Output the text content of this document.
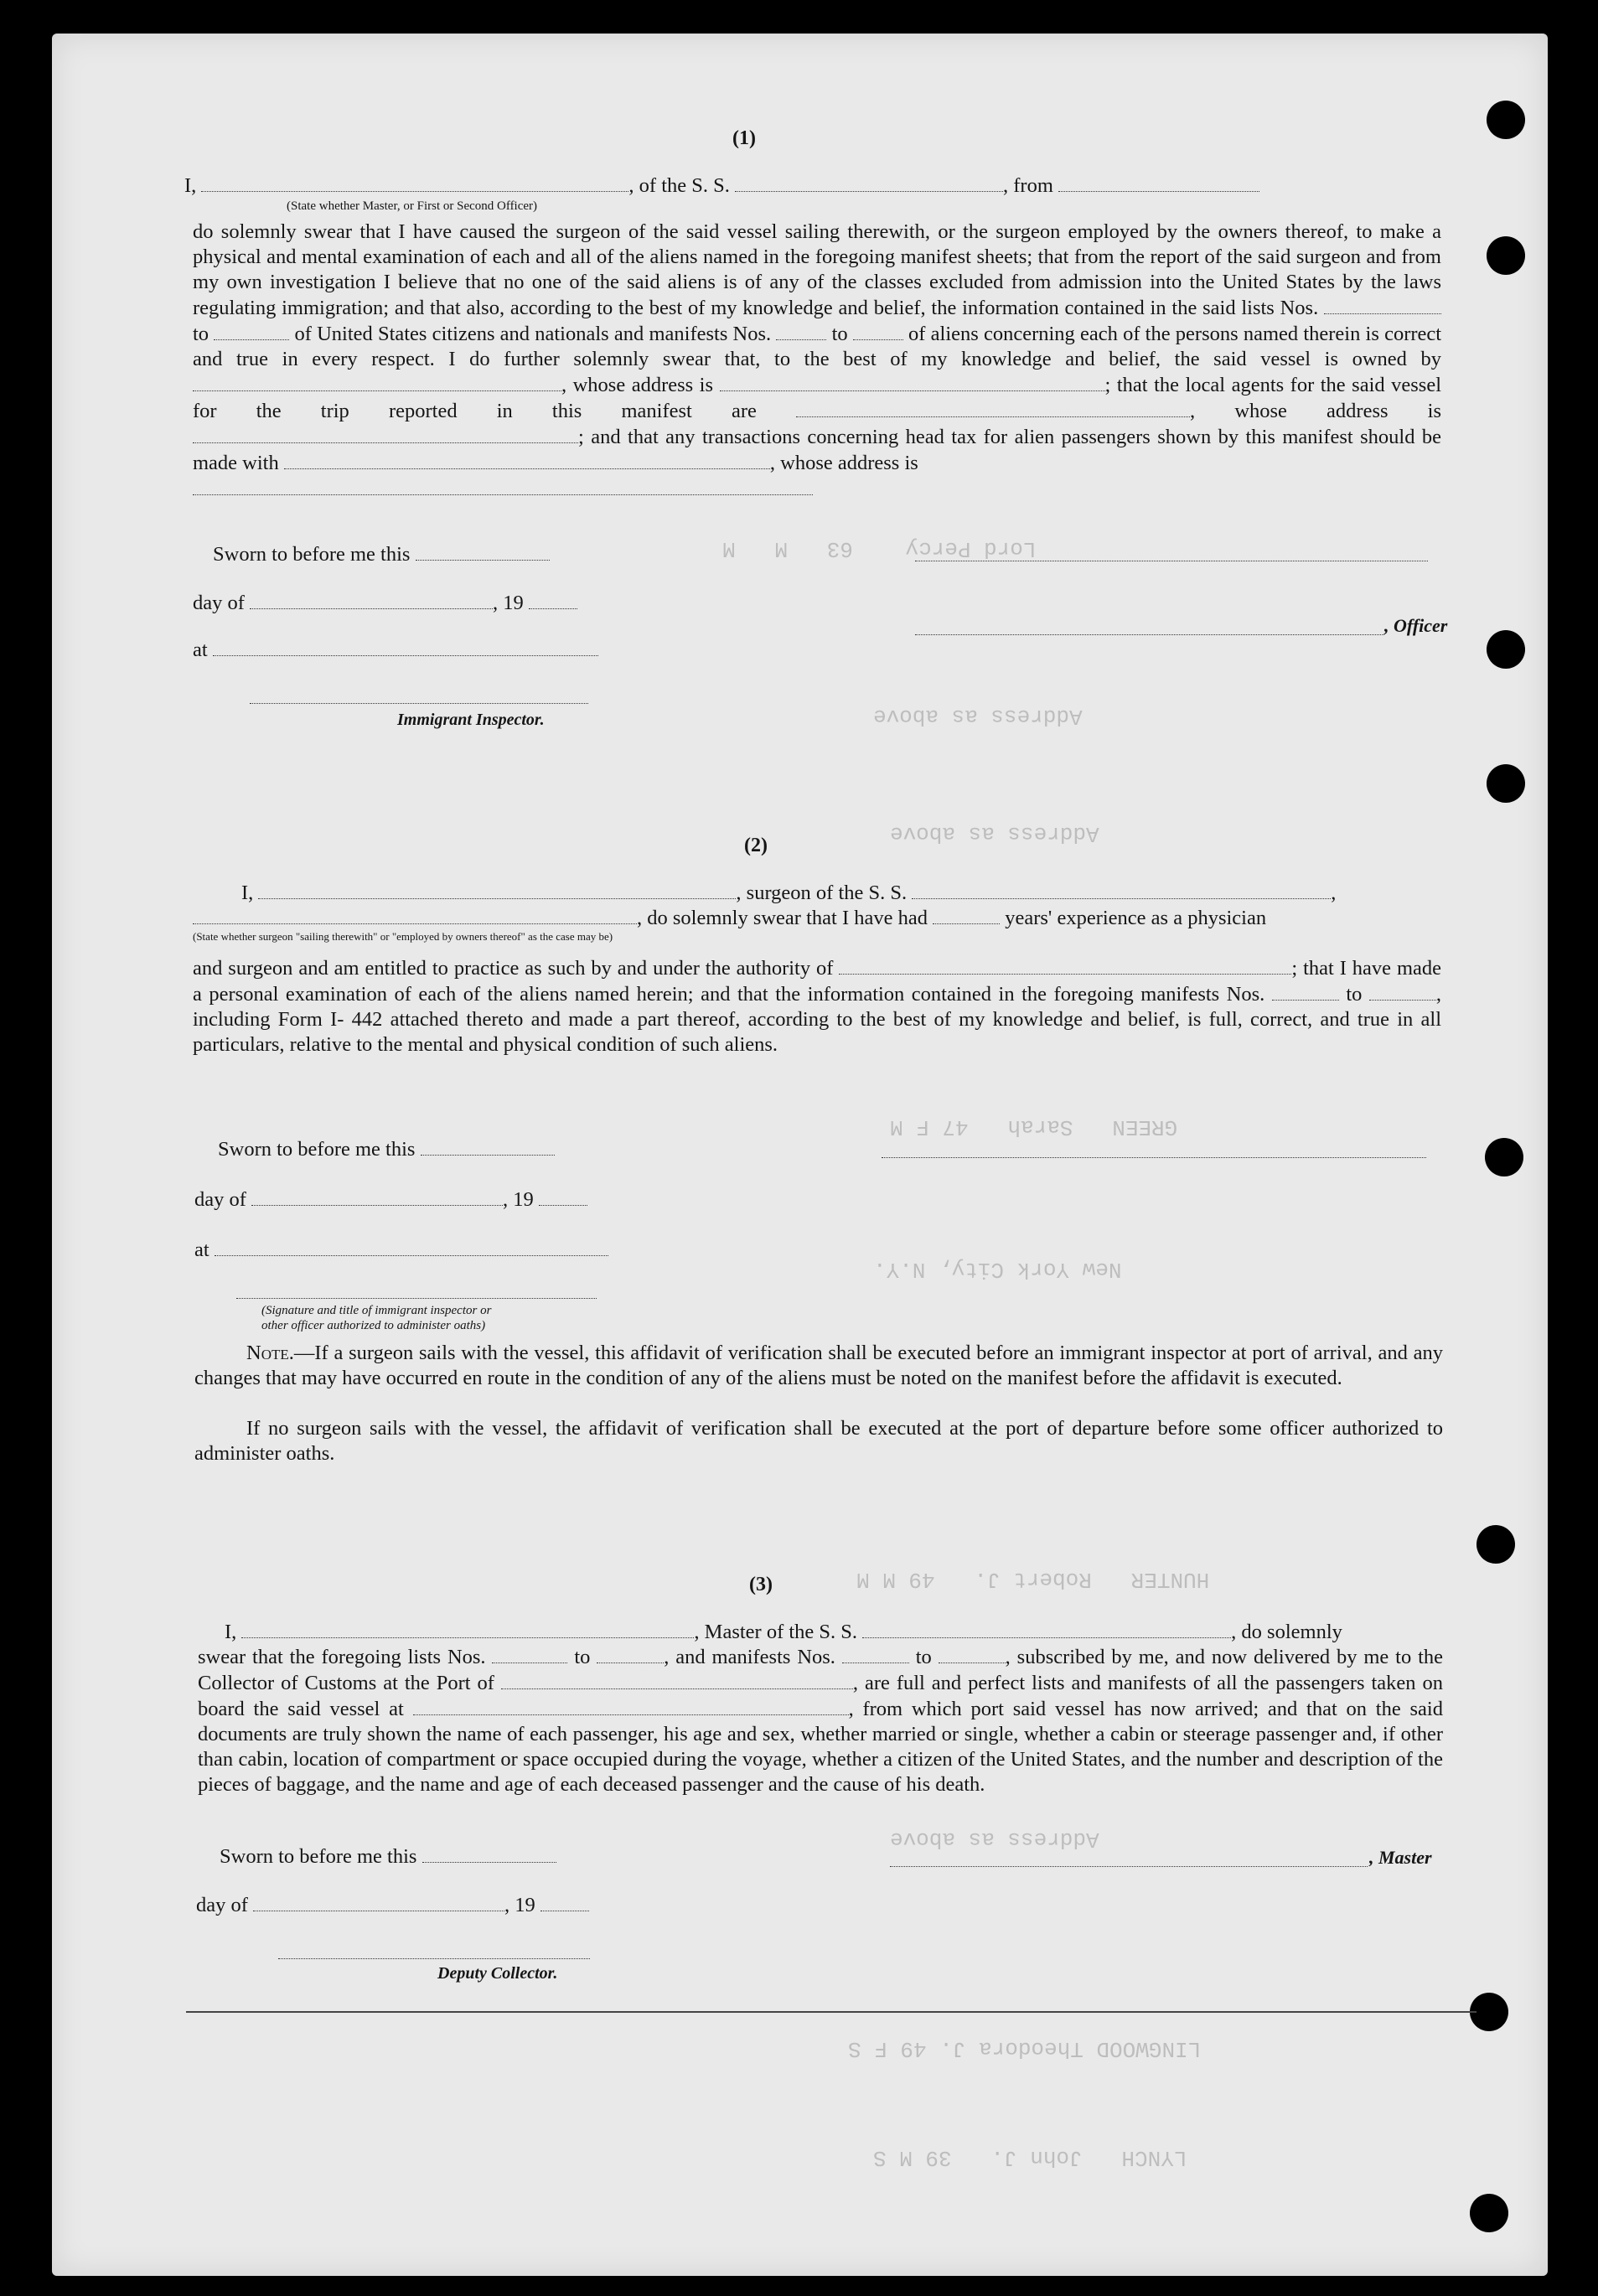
Lord Percy    63   M   M
Address as above
Address as above
GREEN   Sarah   47 F M
New York City, N.Y.
HUNTER   Robert J.   49 M M
Address as above
LINGWOOD Theodora J. 49 F S
LYNCH   John J.   39 M S
(1)
I,	, of the S. S.	, from
(State whether Master, or First or Second Officer)
do solemnly swear that I have caused the surgeon of the said vessel sailing therewith, or the surgeon employed by the owners thereof, to make a physical and mental examination of each and all of the aliens named in the foregoing manifest sheets; that from the report of the said surgeon and from my own investigation I believe that no one of the said aliens is of any of the classes excluded from admission into the United States by the laws regulating immigration; and that also, according to the best of my knowledge and belief, the information contained in the said lists Nos.  to	of United States citizens and nationals and manifests Nos.	to	of aliens concerning each of the persons named therein is correct and true in every respect. I do further solemnly swear that, to the best of my knowledge and belief, the said vessel is owned by , whose address is	; that the local agents for the said vessel for the trip reported in this manifest are	, whose address is ; and that any transactions concerning head tax for alien passengers shown by this manifest should be made with	, whose address is

Sworn to before me this
day of	, 19
, Officer
at
Immigrant Inspector.
(2)
I,	, surgeon of the S. S.	,
, do solemnly swear that I have had	years' experience as a physician
(State whether surgeon "sailing therewith" or "employed by owners thereof" as the case may be)
and surgeon and am entitled to practice as such by and under the authority of	; that I have made a personal examination of each of the aliens named herein; and that the information contained in the foregoing manifests Nos.	to	, including Form I- 442 attached thereto and made a part thereof, according to the best of my knowledge and belief, is full, correct, and true in all particulars, relative to the mental and physical condition of such aliens.
Sworn to before me this
day of	, 19
at
(Signature and title of immigrant inspector or
other officer authorized to administer oaths)
Note.—If a surgeon sails with the vessel, this affidavit of verification shall be executed before an immigrant inspector at port of arrival, and any changes that may have occurred en route in the condition of any of the aliens must be noted on the manifest before the affidavit is executed.
If no surgeon sails with the vessel, the affidavit of verification shall be executed at the port of departure before some officer authorized to administer oaths.
(3)
I,	, Master of the S. S.	, do solemnly
swear that the foregoing lists Nos.	to	, and manifests Nos.	to	, subscribed by me, and now delivered by me to the Collector of Customs at the Port of	, are full and perfect lists and manifests of all the passengers taken on board the said vessel at	, from which port said vessel has now arrived; and that on the said documents are truly shown the name of each passenger, his age and sex, whether married or single, whether a cabin or steerage passenger and, if other than cabin, location of compartment or space occupied during the voyage, whether a citizen of the United States, and the number and description of the pieces of baggage, and the name and age of each deceased passenger and the cause of his death.
Sworn to before me this	, Master
day of	, 19
Deputy Collector.
